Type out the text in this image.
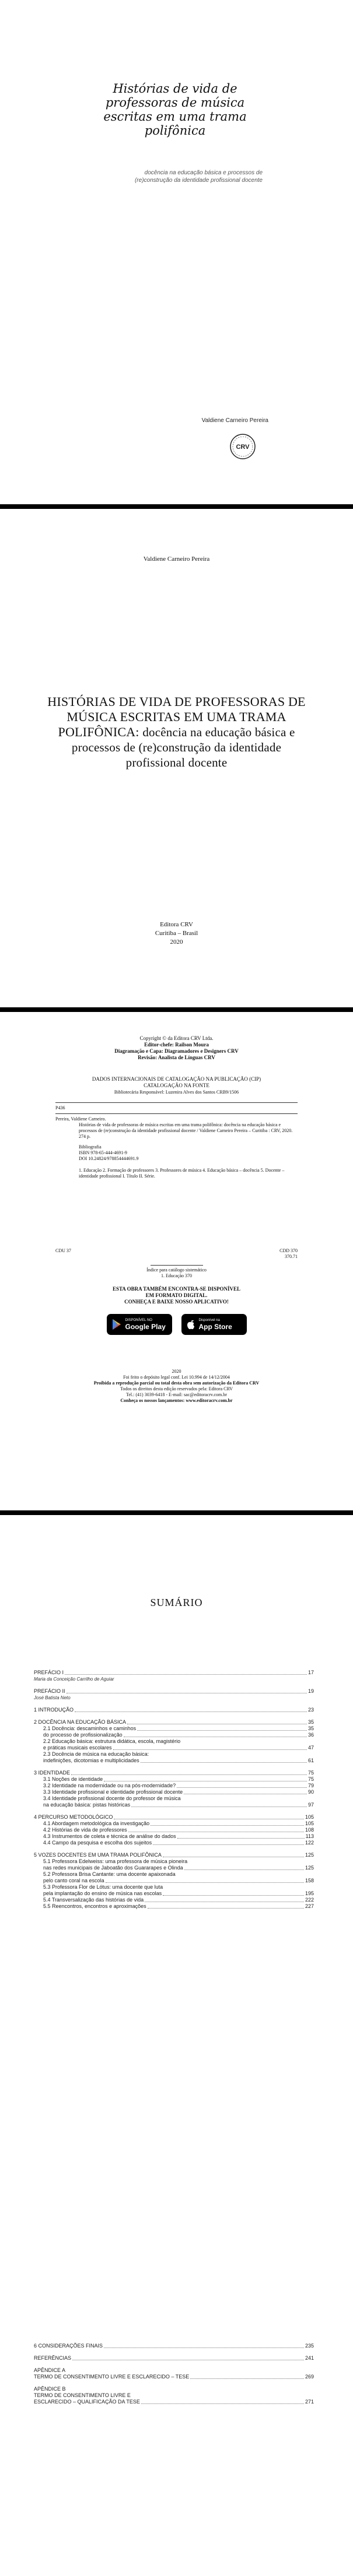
Histórias de vida de professoras de música escritas em uma trama polifônica
docência na educação básica e processos de (re)construção da identidade profissional docente
Valdiene Carneiro Pereira
CRV
Valdiene Carneiro Pereira
HISTÓRIAS DE VIDA DE PROFESSORAS DE MÚSICA ESCRITAS EM UMA TRAMA POLIFÔNICA: docência na educação básica e processos de (re)construção da identidade profissional docente
Editora CRV
Curitiba – Brasil
2020
Copyright © da Editora CRV Ltda.
Editor-chefe: Railson Moura
Diagramação e Capa: Diagramadores e Designers CRV
Revisão: Analista de Línguas CRV
DADOS INTERNACIONAIS DE CATALOGAÇÃO NA PUBLICAÇÃO (CIP)
CATALOGAÇÃO NA FONTE
Bibliotecária Responsável: Luzenira Alves dos Santos CRB9/1506
P436
Pereira, Valdiene Carneiro.
Histórias de vida de professoras de música escritas em uma trama polifônica: docência na educação básica e processos de (re)construção da identidade profissional docente / Valdiene Carneiro Pereira – Curitiba : CRV, 2020.
274 p.
Bibliografia
ISBN 978-65-444-4691-9
DOI 10.24824/978854444691.9
1. Educação 2. Formação de professores 3. Professores de música 4. Educação básica – docência 5. Docente – identidade profissional I. Título II. Série.
CDU 37	CDD 370
370.71
Índice para catálogo sistemático
1. Educação 370
ESTA OBRA TAMBÉM ENCONTRA-SE DISPONÍVEL
EM FORMATO DIGITAL.
CONHEÇA E BAIXE NOSSO APLICATIVO!
DISPONÍVEL NO
Google Play
Disponível na
App Store
2020
Foi feito o depósito legal conf. Lei 10.994 de 14/12/2004
Proibida a reprodução parcial ou total desta obra sem autorização da Editora CRV
Todos os direitos desta edição reservados pela: Editora CRV
Tel.: (41) 3039-6418 - E-mail: sac@editoracrv.com.br
Conheça os nossos lançamentos: www.editoracrv.com.br
SUMÁRIO
PREFÁCIO I	17
Maria da Conceição Carrilho de Aguiar
PREFÁCIO II	19
José Batista Neto
1 INTRODUÇÃO	23
2 DOCÊNCIA NA EDUCAÇÃO BÁSICA	35
2.1 Docência: descaminhos e caminhos	35
do processo de profissionalização	36
2.2 Educação básica: estrutura didática, escola, magistério
e práticas musicais escolares	47
2.3 Docência de música na educação básica:
indefinições, dicotomias e multiplicidades	61
3 IDENTIDADE	75
3.1 Noções de identidade	75
3.2 Identidade na modernidade ou na pós-modernidade?	79
3.3 Identidade profissional e identidade profissional docente	90
3.4 Identidade profissional docente do professor de música
na educação básica: pistas históricas	97
4 PERCURSO METODOLÓGICO	105
4.1 Abordagem metodológica da investigação	105
4.2 Histórias de vida de professores	108
4.3 Instrumentos de coleta e técnica de análise do dados	113
4.4 Campo da pesquisa e escolha dos sujeitos	122
5 VOZES DOCENTES EM UMA TRAMA POLIFÔNICA	125
5.1 Professora Edelweiss: uma professora de música pioneira
nas redes municipais de Jaboatão dos Guararapes e Olinda	125
5.2 Professora Brisa Cantante: uma docente apaixonada
pelo canto coral na escola	158
5.3 Professora Flor de Lótus: uma docente que luta
pela implantação do ensino de música nas escolas	195
5.4 Transversalização das histórias de vida	222
5.5 Reencontros, encontros e aproximações	227
6 CONSIDERAÇÕES FINAIS	235
REFERÊNCIAS	241
APÊNDICE A
TERMO DE CONSENTIMENTO LIVRE E ESCLARECIDO – TESE	269
APÊNDICE B
TERMO DE CONSENTIMENTO LIVRE E
ESCLARECIDO – QUALIFICAÇÃO DA TESE	271
